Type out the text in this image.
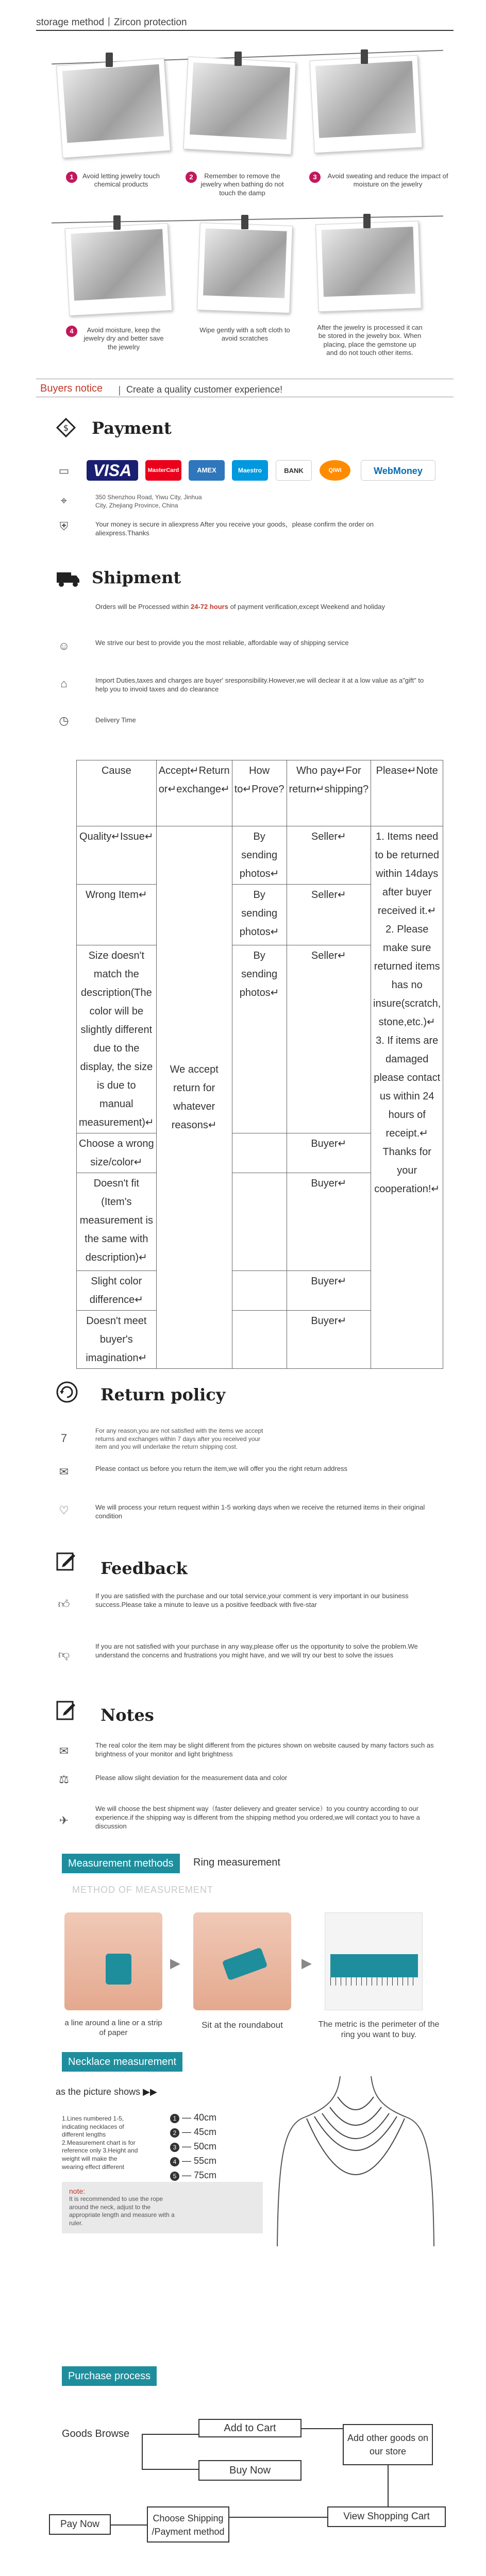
storage method丨Zircon protection
1	Avoid letting jewelry touch chemical products
2	Remember to remove the jewelry when bathing do not touch the damp
3	Avoid sweating and reduce the impact of moisture on the jewelry
4	Avoid moisture, keep the jewelry dry and better save the jewelry
Wipe gently with a soft cloth to avoid scratches
After the jewelry is processed it can be stored in the jewelry box. When placing, place the gemstone up and do not touch other items.
Buyers notice 丨 Create a quality customer experience!
$ Payment
▭	VISA	MasterCard	AMEX	Maestro	BANK	QIWI	WebMoney
⌖	350 Shenzhou Road, Yiwu City, Jinhua City, Zhejiang Province, China
⛨	Your money is secure in aliexpress After you receive your goods，please confirm the order on aliexpress.Thanks
Shipment
Orders will be Processed within 24-72 hours of payment verification,except Weekend and holiday
☺	We strive our best to provide you the most reliable, affordable way of shipping service
⌂	Import Duties,taxes and charges are buyer' sresponsibility.However,we will declear it at a low value as a"gift" to help you to invoid taxes and do clearance
◷	Delivery Time
Cause	Accept↵Return or↵exchange↵	How to↵Prove?	Who pay↵For return↵shipping?	Please↵Note
Quality↵Issue↵	We accept return for whatever reasons↵	By sending photos↵	Seller↵	1. Items need to be returned within 14days after buyer received it.↵
2. Please make sure returned items has no insure(scratch, stone,etc.)↵
3. If items are damaged please contact us within 24 hours of receipt.↵
Thanks for your cooperation!↵
Wrong Item↵		By sending photos↵	Seller↵	
Size doesn't match the description(The color will be slightly different due to the display, the size is due to manual measurement)↵		By sending photos↵	Seller↵	
Choose a wrong size/color↵			Buyer↵	
Doesn't fit (Item's measurement is the same with description)↵			Buyer↵	
Slight color difference↵			Buyer↵	
Doesn't meet buyer's imagination↵			Buyer↵	
Return policy
7
For any reason,you are not satisfied with the items we accept returns and exchanges within 7 days after you received your item and you will underlake the return shipping cost.
✉	Please contact us before you return the item,we will offer you the right return address
♡	We will process your return request within 1-5 working days when we receive the returned items in their original condition
Feedback
👍︎
If you are satisfied with the purchase and our total service,your comment is very important in our business success.Please take a minute to leave us a positive feedback with five-star
👎︎
If you are not satisfied with your purchase in any way,please offer us the opportunity to solve the problem.We understand the concerns and frustrations you might have, and we will try our best to solve the issues
Notes
✉	The real color the item may be slight different from the pictures shown on website caused by many factors such as brightness of your monitor and light brightness
⚖	Please allow slight deviation for the measurement data and color
✈
We will choose the best shipment way（faster delievery and greater service）to you country according to our experience.if the shipping way is different from the shipping method you ordered,we will contact you to have a discussion
Measurement methods	Ring measurement
METHOD OF MEASUREMENT
▶	▶
a line around a line or a strip of paper
Sit at the roundabout	The metric is the perimeter of the ring you want to buy.
Necklace measurement
as the picture shows ▶▶
1.Lines numbered 1-5, indicating necklaces of different lengths 2.Measurement chart is for reference only 3.Height and weight will make the wearing effect different
1 — 40cm
2 — 45cm
3 — 50cm
4 — 55cm
5 — 75cm
note:
It is recommended to use the rope around the neck, adjust to the appropriate length and measure with a ruler.
Purchase process
Goods Browse	Add to Cart
Buy Now
Add other goods on our store
View Shopping Cart
Choose Shipping /Payment method
Pay Now
